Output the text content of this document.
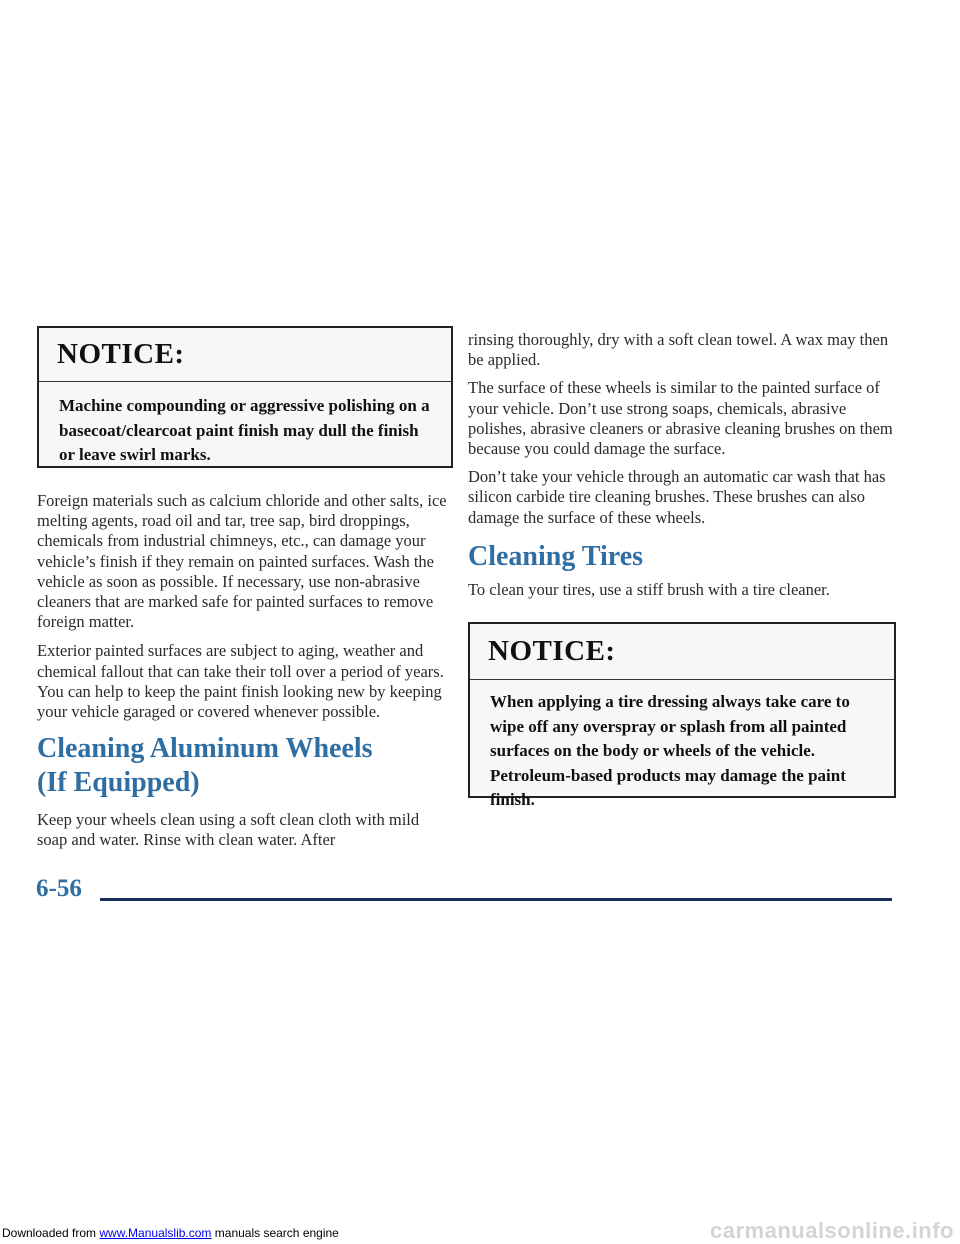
NOTICE:

Machine compounding or aggressive polishing on a basecoat/clearcoat paint finish may dull the finish or leave swirl marks.

Foreign materials such as calcium chloride and other salts, ice melting agents, road oil and tar, tree sap, bird droppings, chemicals from industrial chimneys, etc., can damage your vehicle’s finish if they remain on painted surfaces. Wash the vehicle as soon as possible. If necessary, use non-abrasive cleaners that are marked safe for painted surfaces to remove foreign matter.

Exterior painted surfaces are subject to aging, weather and chemical fallout that can take their toll over a period of years. You can help to keep the paint finish looking new by keeping your vehicle garaged or covered whenever possible.

Cleaning Aluminum Wheels
(If Equipped)

Keep your wheels clean using a soft clean cloth with mild soap and water. Rinse with clean water. After

rinsing thoroughly, dry with a soft clean towel. A wax may then be applied.

The surface of these wheels is similar to the painted surface of your vehicle. Don’t use strong soaps, chemicals, abrasive polishes, abrasive cleaners or abrasive cleaning brushes on them because you could damage the surface.

Don’t take your vehicle through an automatic car wash that has silicon carbide tire cleaning brushes. These brushes can also damage the surface of these wheels.

Cleaning Tires

To clean your tires, use a stiff brush with a tire cleaner.

NOTICE:

When applying a tire dressing always take care to wipe off any overspray or splash from all painted surfaces on the body or wheels of the vehicle. Petroleum-based products may damage the paint finish.

6-56
Downloaded from www.Manualslib.com manuals search engine	carmanualsonline.info
